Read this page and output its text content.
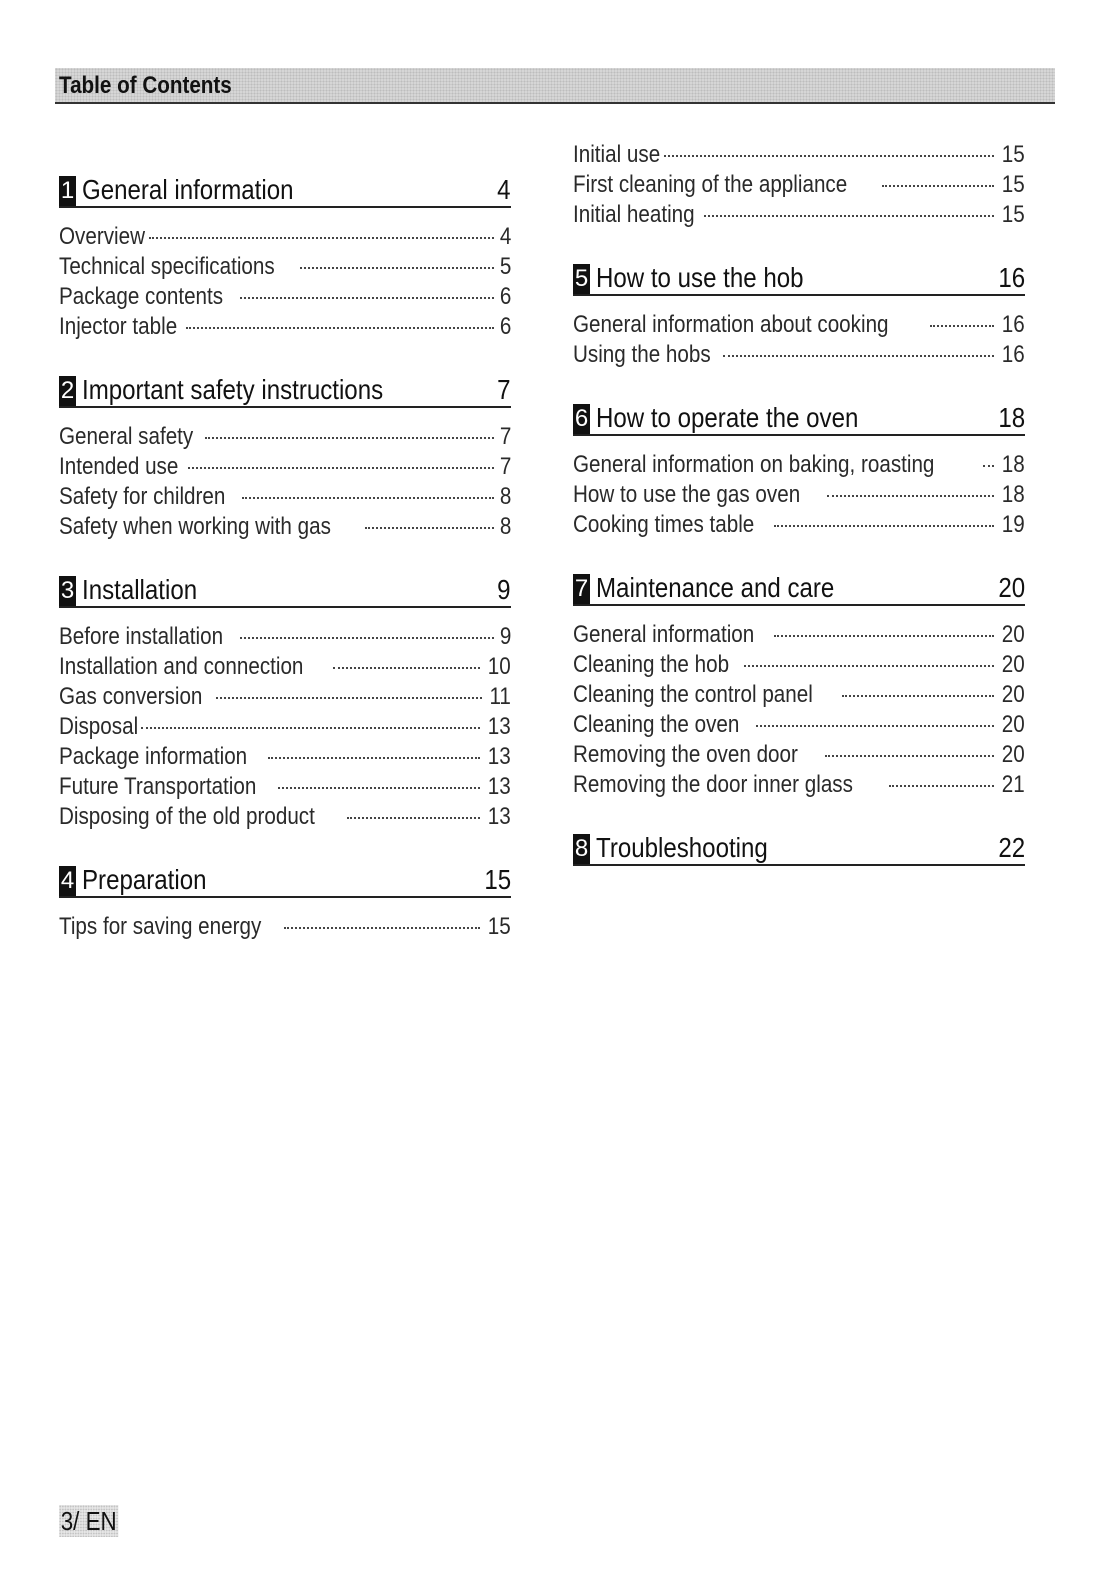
Table of Contents
1 General information	4
Overview	4
Technical specifications	5
Package contents	6
Injector table	6
2 Important safety instructions	7
General safety	7
Intended use	7
Safety for children	8
Safety when working with gas	8
3 Installation	9
Before installation	9
Installation and connection	10
Gas conversion	11
Disposal	13
Package information	13
Future Transportation	13
Disposing of the old product	13
4 Preparation	15
Tips for saving energy	15
Initial use	15
First cleaning of the appliance	15
Initial heating	15
5 How to use the hob	16
General information about cooking	16
Using the hobs	16
6 How to operate the oven	18
General information on baking, roasting	18
How to use the gas oven	18
Cooking times table	19
7 Maintenance and care	20
General information	20
Cleaning the hob	20
Cleaning the control panel	20
Cleaning the oven	20
Removing the oven door	20
Removing the door inner glass	21
8 Troubleshooting	22
3/ EN
